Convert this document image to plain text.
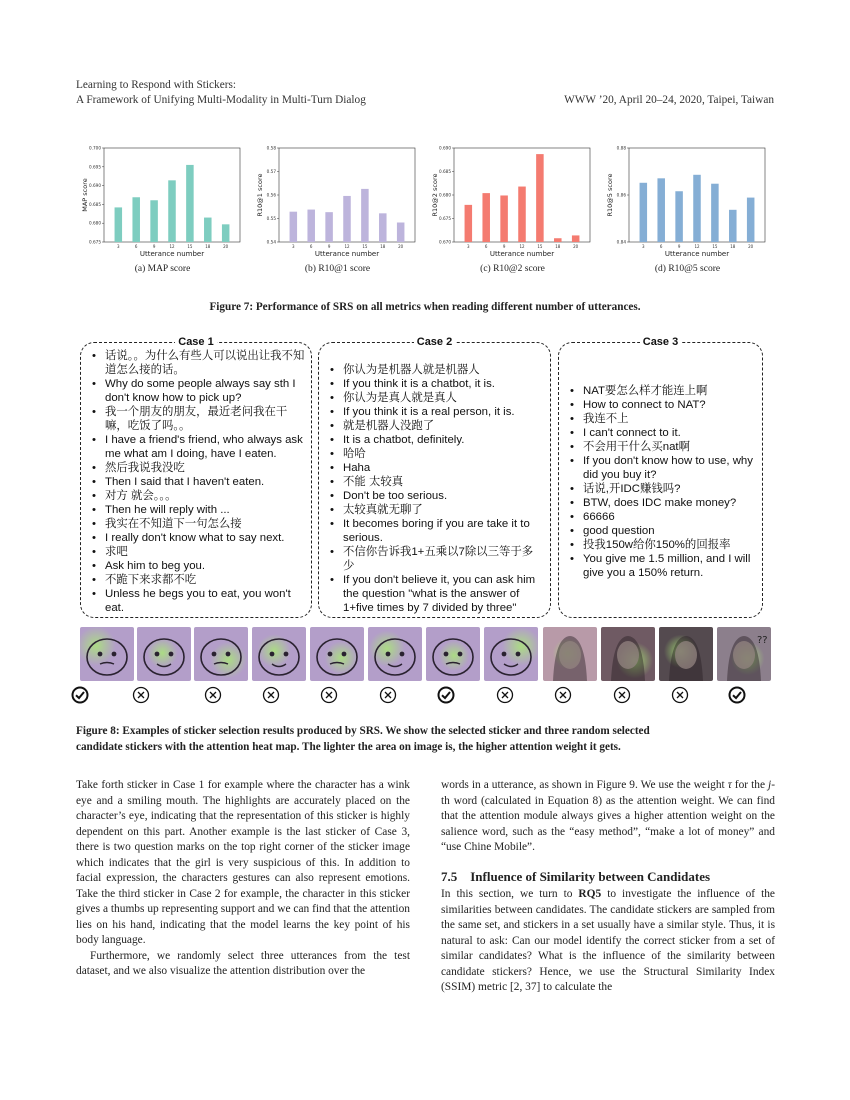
Learning to Respond with Stickers:
A Framework of Unifying Multi-Modality in Multi-Turn Dialog	WWW ’20, April 20–24, 2020, Taipei, Taiwan
0.675
0.680
0.685
0.690
0.695
0.700
3	6	9	12	15	18	20
Utterance number
MAP score
(a) MAP score
0.54
0.55
0.56
0.57
0.58
3	6	9	12	15	18	20
Utterance number
R10@1 score
(b) R10@1 score
0.670
0.675
0.680
0.685
0.690
3	6	9	12	15	18	20
Utterance number
R10@2 score
(c) R10@2 score
0.84
0.86
0.88
3	6	9	12	15	18	20
Utterance number
R10@5 score
(d) R10@5 score
Figure 7: Performance of SRS on all metrics when reading different number of utterances.
Case 1
• 话说。。为什么有些人可以说出让我不知道怎么接的话。
• Why do some people always say sth I don't know how to pick up?
• 我一个朋友的朋友，最近老问我在干嘛，吃饭了吗。。
• I have a friend's friend, who always ask me what am I doing, have I eaten.
• 然后我说我没吃
• Then I said that I haven't eaten.
• 对方 就会。。。
• Then he will reply with ...
• 我实在不知道下一句怎么接
• I really don't know what to say next.
• 求吧
• Ask him to beg you.
• 不跪下来求都不吃
• Unless he begs you to eat, you won't eat.
Case 2
• 你认为是机器人就是机器人
• If you think it is a chatbot, it is.
• 你认为是真人就是真人
• If you think it is a real person, it is.
• 就是机器人没跑了
• It is a chatbot, definitely.
• 哈哈
• Haha
• 不能 太较真
• Don't be too serious.
• 太较真就无聊了
• It becomes boring if you are take it to serious.
• 不信你告诉我1+五乘以7除以三等于多少
• If you don't believe it, you can ask him the question "what is the answer of 1+five times by 7 divided by three"
Case 3
• NAT要怎么样才能连上啊
• How to connect to NAT?
• 我连不上
• I can't connect to it.
• 不会用干什么买nat啊
• If you don't know how to use, why did you buy it?
• 话说,开IDC赚钱吗?
• BTW, does IDC make money?
• 66666
• good question
• 投我150w给你150%的回报率
• You give me 1.5 million, and I will give you a 150% return.
??
Figure 8: Examples of sticker selection results produced by SRS. We show the selected sticker and three random selected
candidate stickers with the attention heat map. The lighter the area on image is, the higher attention weight it gets.

Take forth sticker in Case 1 for example where the character has a wink eye and a smiling mouth. The highlights are accurately placed on the character’s eye, indicating that the representation of this sticker is highly dependent on this part. Another example is the last sticker of Case 3, there is two question marks on the top right corner of the sticker image which indicates that the girl is very suspicious of this. In addition to facial expression, the characters gestures can also represent emotions. Take the third sticker in Case 2 for example, the character in this sticker gives a thumbs up representing support and we can find that the attention lies on his hand, indicating that the model learns the key point of his body language.

Furthermore, we randomly select three utterances from the test dataset, and we also visualize the attention distribution over the

words in a utterance, as shown in Figure 9. We use the weight τ for the j-th word (calculated in Equation 8) as the attention weight. We can find that the attention module always gives a higher attention weight on the salience word, such as the “easy method”, “make a lot of money” and “use Chine Mobile”.

7.5 Influence of Similarity between Candidates

In this section, we turn to RQ5 to investigate the influence of the similarities between candidates. The candidate stickers are sampled from the same set, and stickers in a set usually have a similar style. Thus, it is natural to ask: Can our model identify the correct sticker from a set of similar candidates? What is the influence of the similarity between candidate stickers? Hence, we use the Structural Similarity Index (SSIM) metric [2, 37] to calculate the
